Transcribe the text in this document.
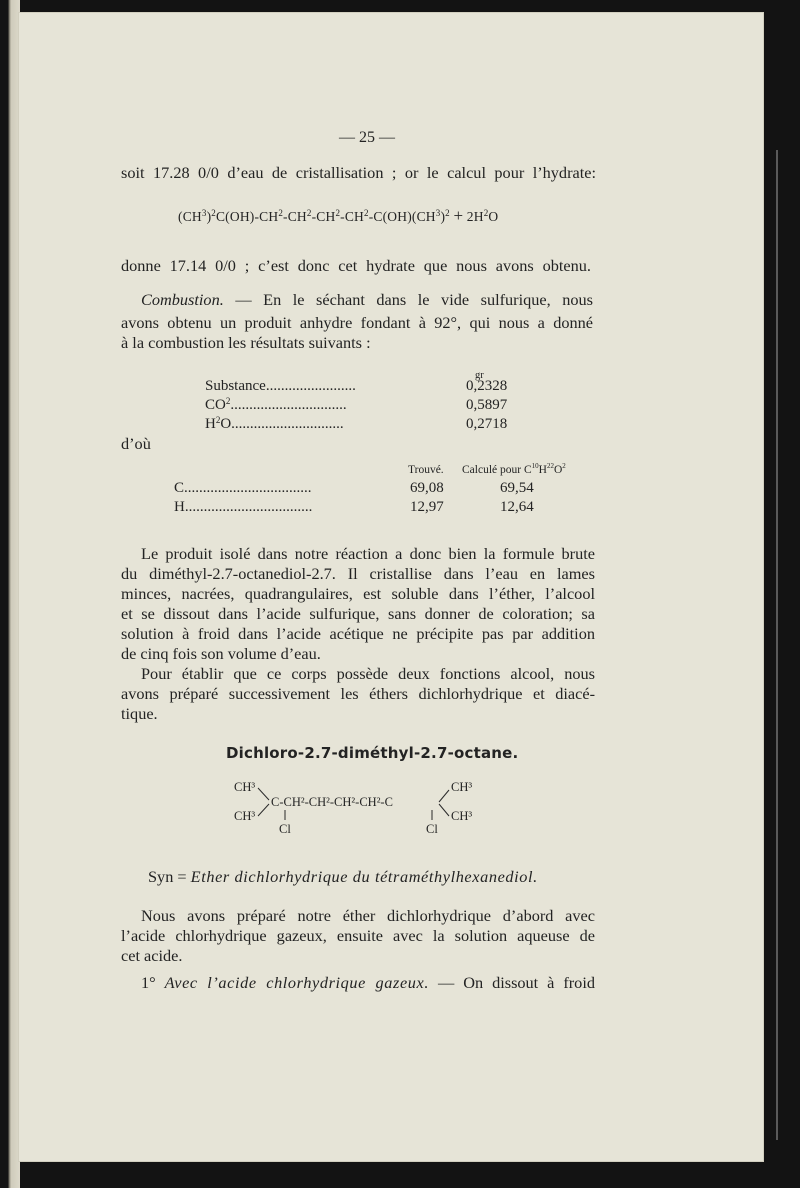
— 25 —
soit 17.28 0/0 d’eau de cristallisation ; or le calcul pour l’hydrate:
$(CH^3)^2C(OH)-CH^2-CH^2-CH^2-CH^2-C(OH)(CH^3)^2 + 2H^2O$
donne 17.14 0/0 ; c’est donc cet hydrate que nous avons obtenu.
Combustion. — En le séchant dans le vide sulfurique, nous
avons obtenu un produit anhydre fondant à 92°, qui nous a donné
à la combustion les résultats suivants :
gr
Substance........................	0,2328
$CO^2$...............................	0,5897
$H^2O$..............................	0,2718
d’où
Trouvé. Calculé pour $C^{10}H^{22}O^2$
C..................................	69,08	69,54
H..................................	12,97	12,64
Le produit isolé dans notre réaction a donc bien la formule brute
du diméthyl-2.7-octanediol-2.7. Il cristallise dans l’eau en lames
minces, nacrées, quadrangulaires, est soluble dans l’éther, l’alcool
et se dissout dans l’acide sulfurique, sans donner de coloration; sa
solution à froid dans l’acide acétique ne précipite pas par addition
de cinq fois son volume d’eau.
Pour établir que ce corps possède deux fonctions alcool, nous
avons préparé successivement les éthers dichlorhydrique et diacé-
tique.
Dichloro-2.7-diméthyl-2.7-octane.
CH³
CH³
C-CH²-CH²-CH²-CH²-C
CH³
CH³
Cl	Cl
Syn = Ether dichlorhydrique du tétraméthylhexanediol.
Nous avons préparé notre éther dichlorhydrique d’abord avec
l’acide chlorhydrique gazeux, ensuite avec la solution aqueuse de
cet acide.
1° Avec l’acide chlorhydrique gazeux. — On dissout à froid
